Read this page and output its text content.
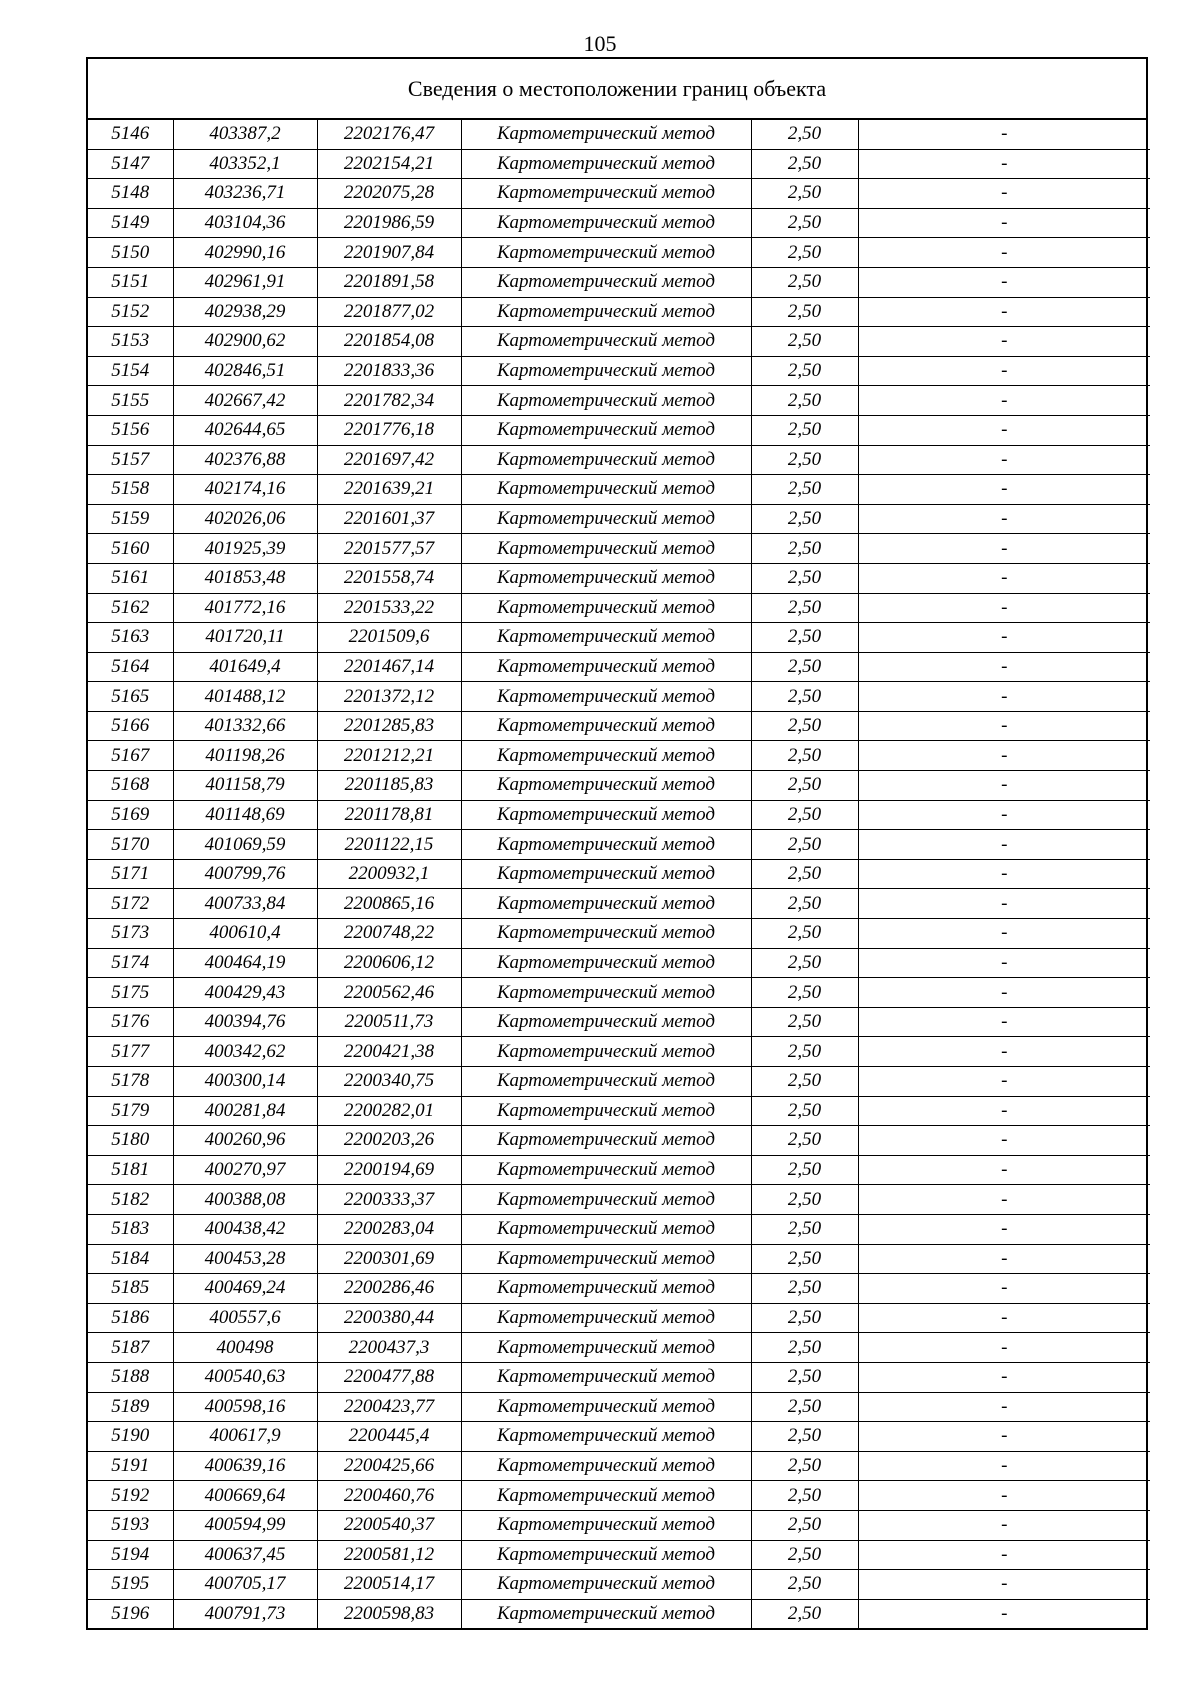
105
Сведения о местоположении границ объекта
5146	403387,2	2202176,47	Картометрический метод	2,50	-
5147	403352,1	2202154,21	Картометрический метод	2,50	-
5148	403236,71	2202075,28	Картометрический метод	2,50	-
5149	403104,36	2201986,59	Картометрический метод	2,50	-
5150	402990,16	2201907,84	Картометрический метод	2,50	-
5151	402961,91	2201891,58	Картометрический метод	2,50	-
5152	402938,29	2201877,02	Картометрический метод	2,50	-
5153	402900,62	2201854,08	Картометрический метод	2,50	-
5154	402846,51	2201833,36	Картометрический метод	2,50	-
5155	402667,42	2201782,34	Картометрический метод	2,50	-
5156	402644,65	2201776,18	Картометрический метод	2,50	-
5157	402376,88	2201697,42	Картометрический метод	2,50	-
5158	402174,16	2201639,21	Картометрический метод	2,50	-
5159	402026,06	2201601,37	Картометрический метод	2,50	-
5160	401925,39	2201577,57	Картометрический метод	2,50	-
5161	401853,48	2201558,74	Картометрический метод	2,50	-
5162	401772,16	2201533,22	Картометрический метод	2,50	-
5163	401720,11	2201509,6	Картометрический метод	2,50	-
5164	401649,4	2201467,14	Картометрический метод	2,50	-
5165	401488,12	2201372,12	Картометрический метод	2,50	-
5166	401332,66	2201285,83	Картометрический метод	2,50	-
5167	401198,26	2201212,21	Картометрический метод	2,50	-
5168	401158,79	2201185,83	Картометрический метод	2,50	-
5169	401148,69	2201178,81	Картометрический метод	2,50	-
5170	401069,59	2201122,15	Картометрический метод	2,50	-
5171	400799,76	2200932,1	Картометрический метод	2,50	-
5172	400733,84	2200865,16	Картометрический метод	2,50	-
5173	400610,4	2200748,22	Картометрический метод	2,50	-
5174	400464,19	2200606,12	Картометрический метод	2,50	-
5175	400429,43	2200562,46	Картометрический метод	2,50	-
5176	400394,76	2200511,73	Картометрический метод	2,50	-
5177	400342,62	2200421,38	Картометрический метод	2,50	-
5178	400300,14	2200340,75	Картометрический метод	2,50	-
5179	400281,84	2200282,01	Картометрический метод	2,50	-
5180	400260,96	2200203,26	Картометрический метод	2,50	-
5181	400270,97	2200194,69	Картометрический метод	2,50	-
5182	400388,08	2200333,37	Картометрический метод	2,50	-
5183	400438,42	2200283,04	Картометрический метод	2,50	-
5184	400453,28	2200301,69	Картометрический метод	2,50	-
5185	400469,24	2200286,46	Картометрический метод	2,50	-
5186	400557,6	2200380,44	Картометрический метод	2,50	-
5187	400498	2200437,3	Картометрический метод	2,50	-
5188	400540,63	2200477,88	Картометрический метод	2,50	-
5189	400598,16	2200423,77	Картометрический метод	2,50	-
5190	400617,9	2200445,4	Картометрический метод	2,50	-
5191	400639,16	2200425,66	Картометрический метод	2,50	-
5192	400669,64	2200460,76	Картометрический метод	2,50	-
5193	400594,99	2200540,37	Картометрический метод	2,50	-
5194	400637,45	2200581,12	Картометрический метод	2,50	-
5195	400705,17	2200514,17	Картометрический метод	2,50	-
5196	400791,73	2200598,83	Картометрический метод	2,50	-
